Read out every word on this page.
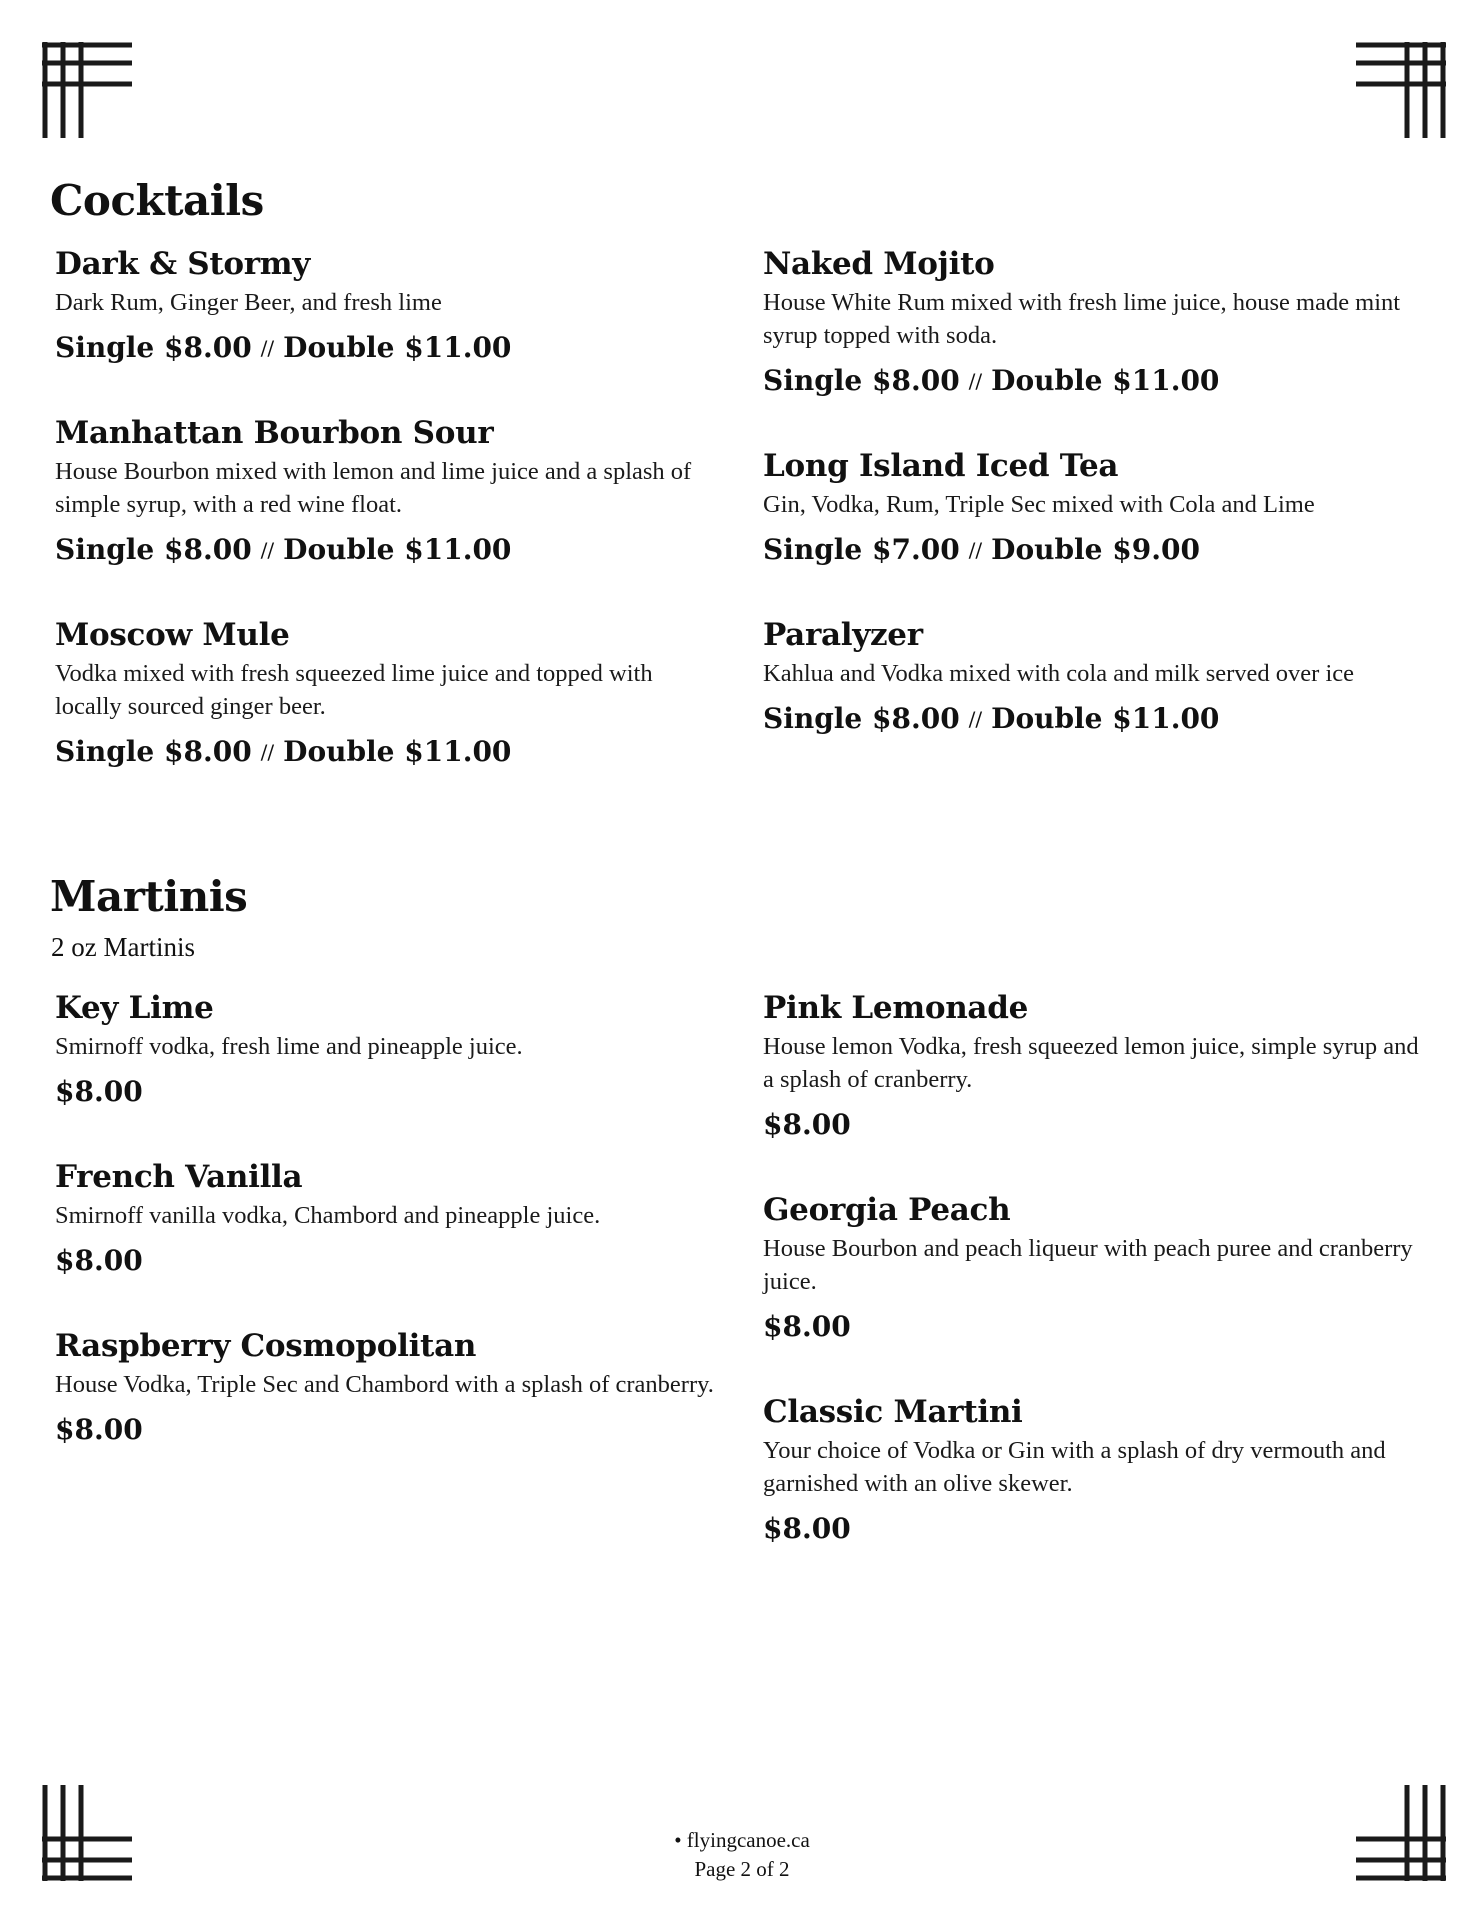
Cocktails
Dark & Stormy
Dark Rum, Ginger Beer, and fresh lime
Single $8.00 // Double $11.00
Manhattan Bourbon Sour
House Bourbon mixed with lemon and lime juice and a splash of simple syrup, with a red wine float.
Single $8.00 // Double $11.00
Moscow Mule
Vodka mixed with fresh squeezed lime juice and topped with locally sourced ginger beer.
Single $8.00 // Double $11.00
Naked Mojito
House White Rum mixed with fresh lime juice, house made mint syrup topped with soda.
Single $8.00 // Double $11.00
Long Island Iced Tea
Gin, Vodka, Rum, Triple Sec mixed with Cola and Lime
Single $7.00 // Double $9.00
Paralyzer
Kahlua and Vodka mixed with cola and milk served over ice
Single $8.00 // Double $11.00
Martinis
2 oz Martinis
Key Lime
Smirnoff vodka, fresh lime and pineapple juice.
$8.00
French Vanilla
Smirnoff vanilla vodka, Chambord and pineapple juice.
$8.00
Raspberry Cosmopolitan
House Vodka, Triple Sec and Chambord with a splash of cranberry.
$8.00
Pink Lemonade
House lemon Vodka, fresh squeezed lemon juice, simple syrup and a splash of cranberry.
$8.00
Georgia Peach
House Bourbon and peach liqueur with peach puree and cranberry juice.
$8.00
Classic Martini
Your choice of Vodka or Gin with a splash of dry vermouth and garnished with an olive skewer.
$8.00
• flyingcanoe.ca
Page 2 of 2
